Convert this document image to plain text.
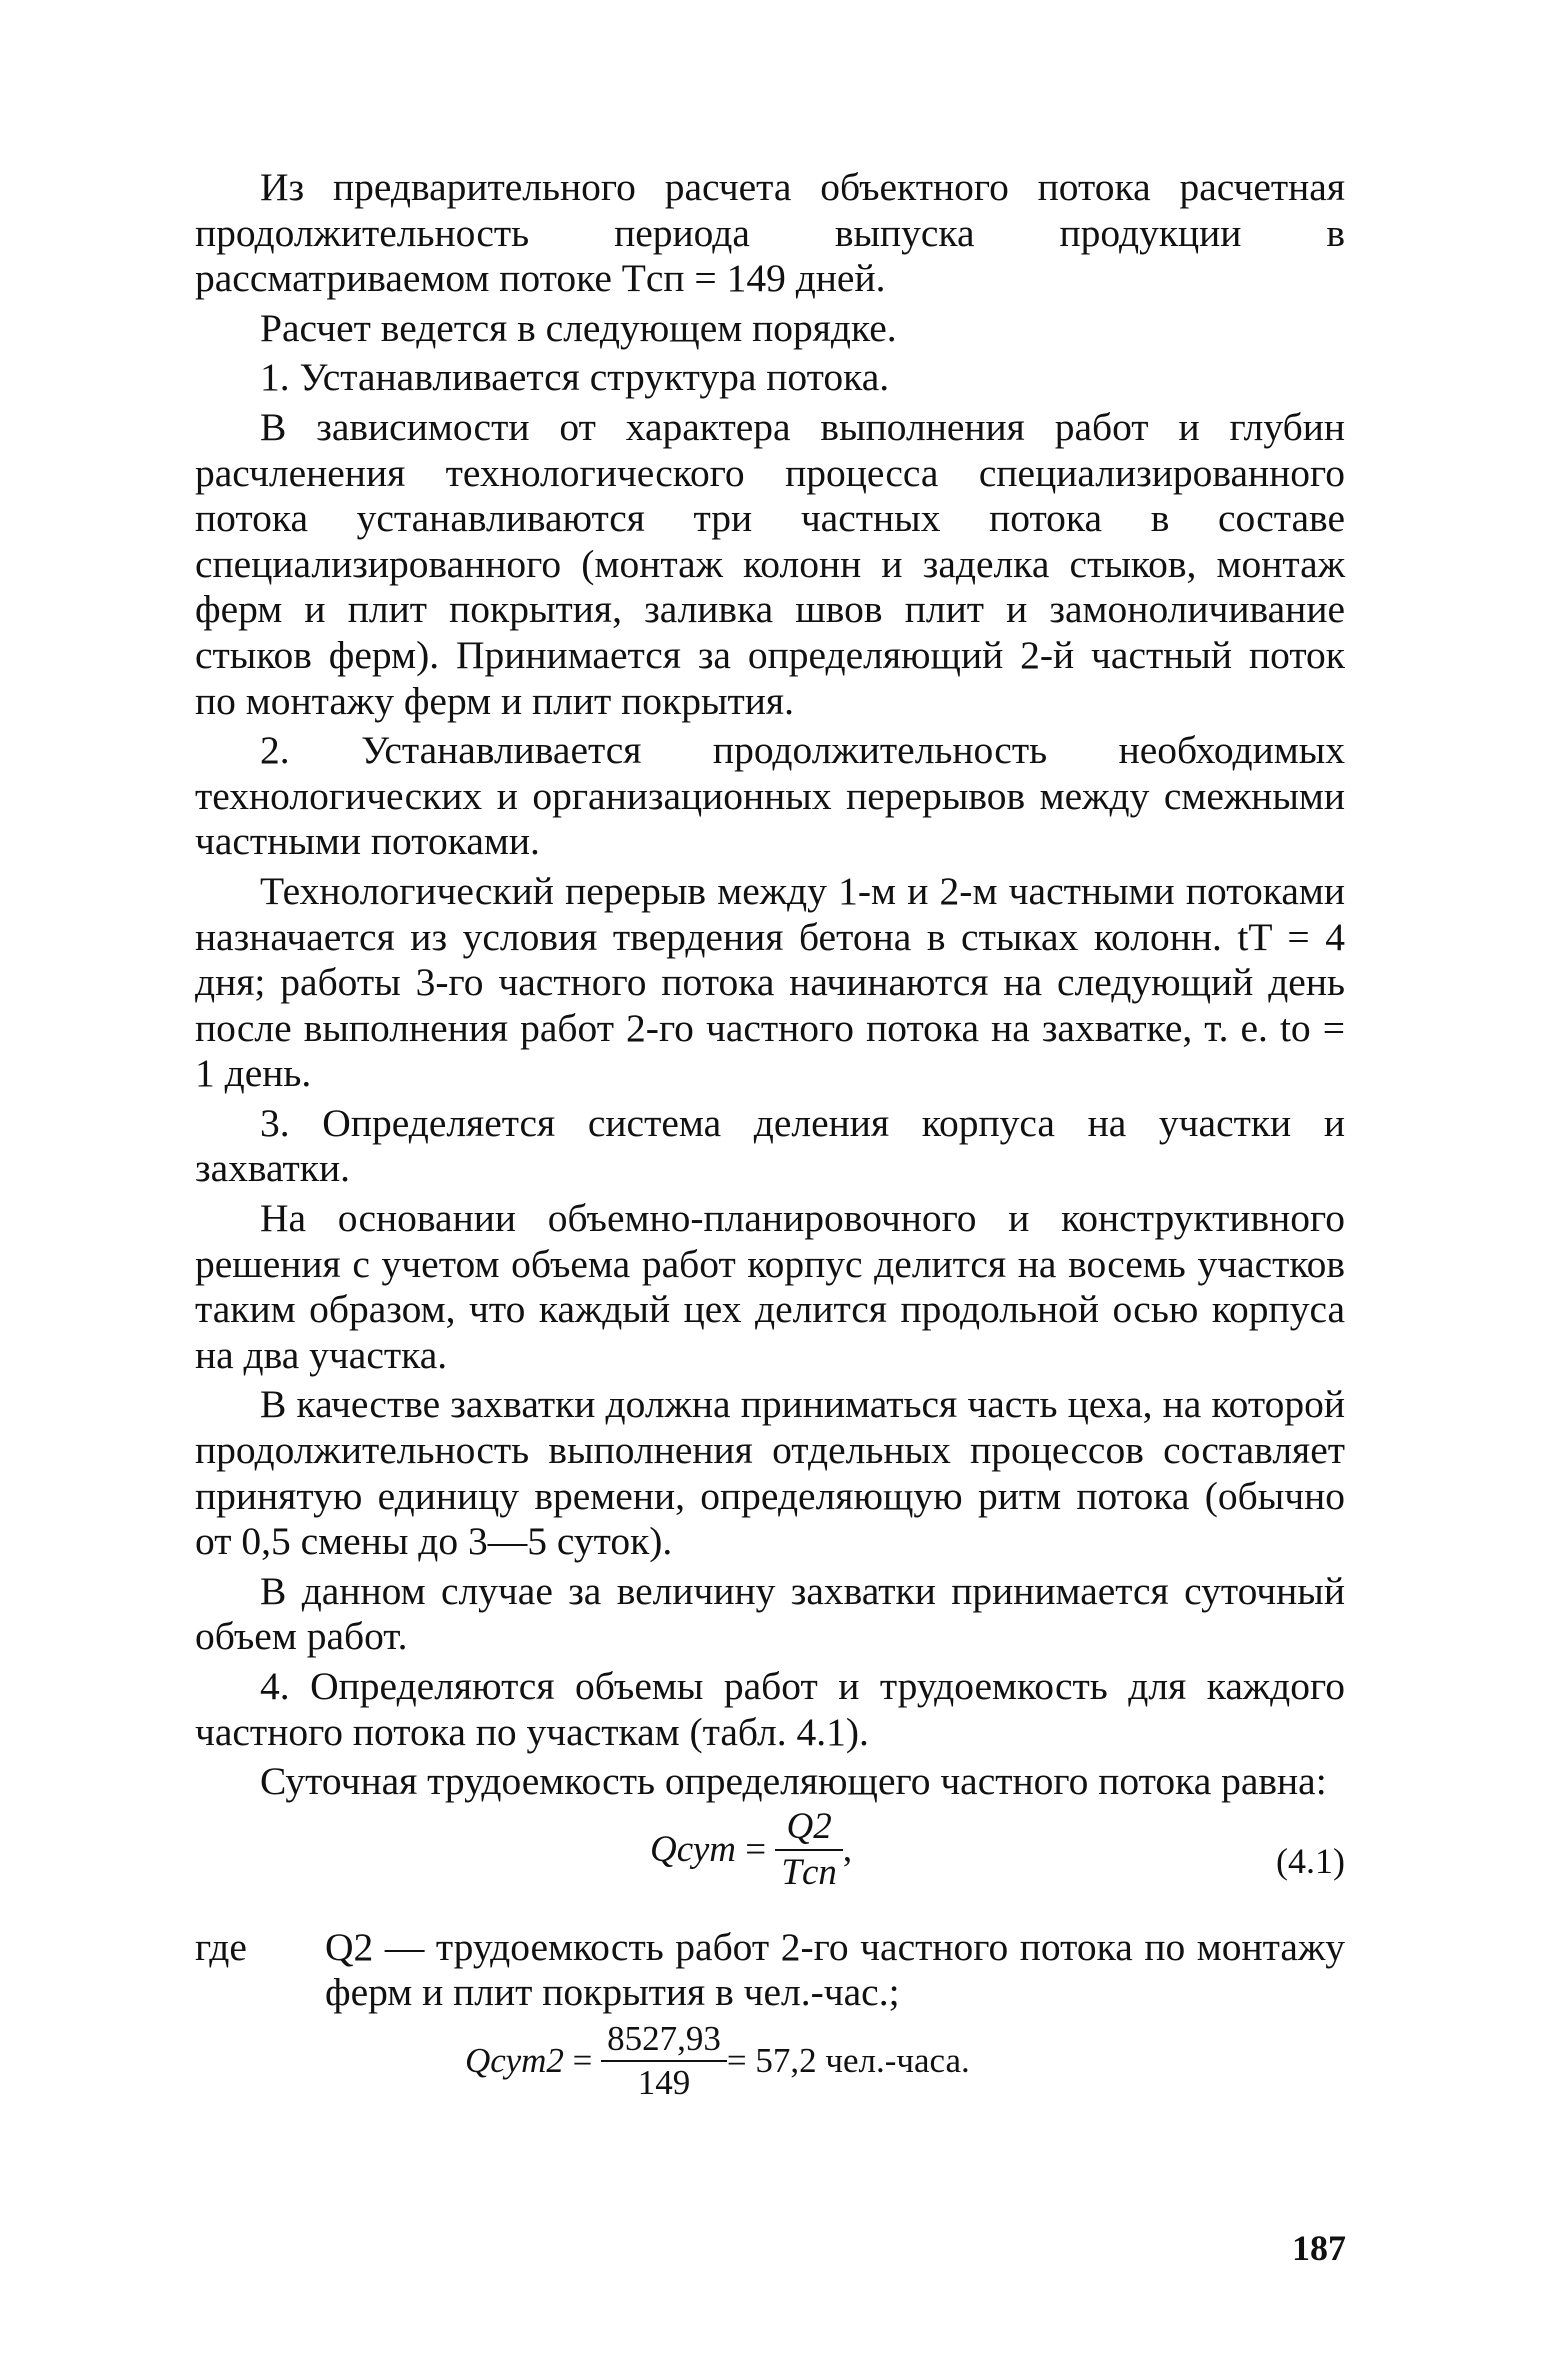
Из предварительного расчета объектного потока расчетная продолжительность периода выпуска продукции в рассматриваемом потоке Tсп = 149 дней.

Расчет ведется в следующем порядке.

1. Устанавливается структура потока.

В зависимости от характера выполнения работ и глубин расчленения технологического процесса специализированного потока устанавливаются три частных потока в составе специализированного (монтаж колонн и заделка стыков, монтаж ферм и плит покрытия, заливка швов плит и замоноличивание стыков ферм). Принимается за определяющий 2-й частный поток по монтажу ферм и плит покрытия.

2. Устанавливается продолжительность необходимых технологических и организационных перерывов между смежными частными потоками.

Технологический перерыв между 1-м и 2-м частными потоками назначается из условия твердения бетона в стыках колонн. tT = 4 дня; работы 3-го частного потока начинаются на следующий день после выполнения работ 2-го частного потока на захватке, т. е. to = 1 день.

3. Определяется система деления корпуса на участки и захватки.

На основании объемно-планировочного и конструктивного решения с учетом объема работ корпус делится на восемь участков таким образом, что каждый цех делится продольной осью корпуса на два участка.

В качестве захватки должна приниматься часть цеха, на которой продолжительность выполнения отдельных процессов составляет принятую единицу времени, определяющую ритм потока (обычно от 0,5 смены до 3—5 суток).

В данном случае за величину захватки принимается суточный объем работ.

4. Определяются объемы работ и трудоемкость для каждого частного потока по участкам (табл. 4.1).

Суточная трудоемкость определяющего частного потока равна:

Qсут = $\frac{Q2}{\text{Tсп}}$ ,	(4.1)
где Q2 — трудоемкость работ 2-го частного потока по монтажу ферм и плит покрытия в чел.-час.;

Qсут2 = $\frac{8527,93}{149} = 57,2$ чел.-часа.
187
